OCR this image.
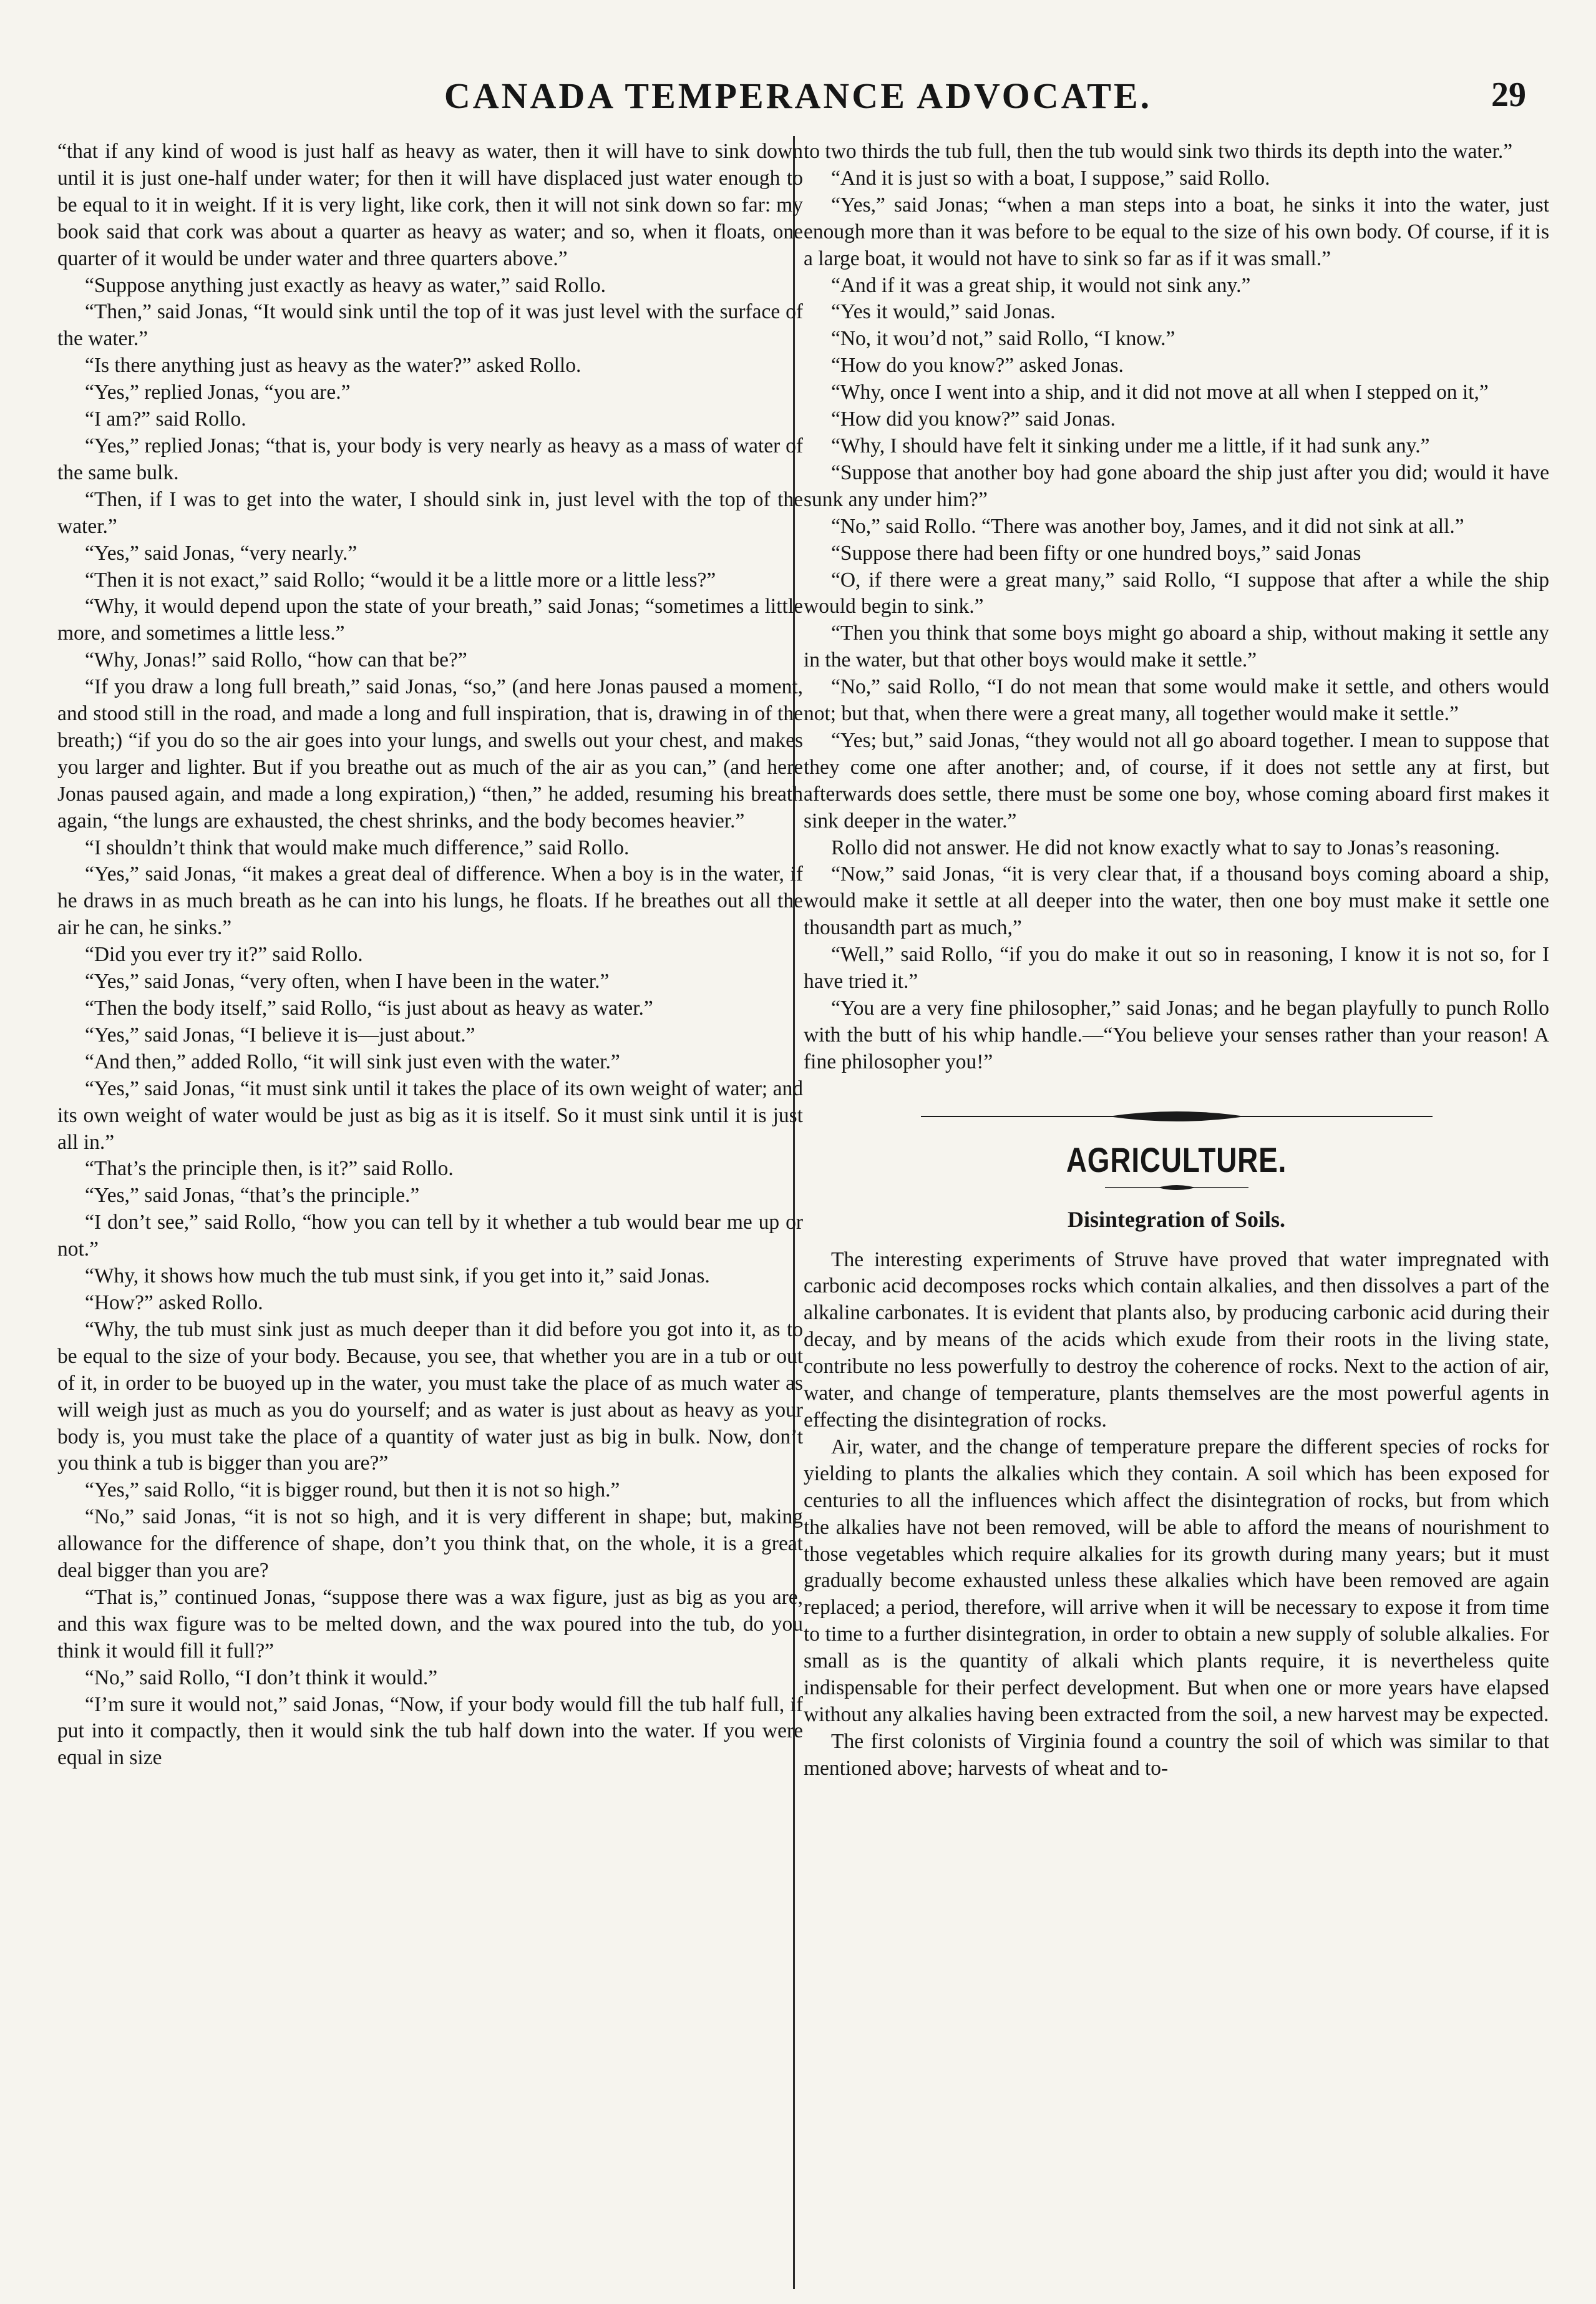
CANADA TEMPERANCE ADVOCATE.	29

“that if any kind of wood is just half as heavy as water, then it will have to sink down until it is just one-half under water; for then it will have displaced just water enough to be equal to it in weight. If it is very light, like cork, then it will not sink down so far: my book said that cork was about a quarter as heavy as water; and so, when it floats, one quarter of it would be under water and three quarters above.”

“Suppose anything just exactly as heavy as water,” said Rollo.

“Then,” said Jonas, “It would sink until the top of it was just level with the surface of the water.”

“Is there anything just as heavy as the water?” asked Rollo.

“Yes,” replied Jonas, “you are.”

“I am?” said Rollo.

“Yes,” replied Jonas; “that is, your body is very nearly as heavy as a mass of water of the same bulk.

“Then, if I was to get into the water, I should sink in, just level with the top of the water.”

“Yes,” said Jonas, “very nearly.”

“Then it is not exact,” said Rollo; “would it be a little more or a little less?”

“Why, it would depend upon the state of your breath,” said Jonas; “sometimes a little more, and sometimes a little less.”

“Why, Jonas!” said Rollo, “how can that be?”

“If you draw a long full breath,” said Jonas, “so,” (and here Jonas paused a moment, and stood still in the road, and made a long and full inspiration, that is, drawing in of the breath;) “if you do so the air goes into your lungs, and swells out your chest, and makes you larger and lighter. But if you breathe out as much of the air as you can,” (and here Jonas paused again, and made a long expiration,) “then,” he added, resuming his breath again, “the lungs are exhausted, the chest shrinks, and the body becomes heavier.”

“I shouldn’t think that would make much difference,” said Rollo.

“Yes,” said Jonas, “it makes a great deal of difference. When a boy is in the water, if he draws in as much breath as he can into his lungs, he floats. If he breathes out all the air he can, he sinks.”

“Did you ever try it?” said Rollo.

“Yes,” said Jonas, “very often, when I have been in the water.”

“Then the body itself,” said Rollo, “is just about as heavy as water.”

“Yes,” said Jonas, “I believe it is—just about.”

“And then,” added Rollo, “it will sink just even with the water.”

“Yes,” said Jonas, “it must sink until it takes the place of its own weight of water; and its own weight of water would be just as big as it is itself. So it must sink until it is just all in.”

“That’s the principle then, is it?” said Rollo.

“Yes,” said Jonas, “that’s the principle.”

“I don’t see,” said Rollo, “how you can tell by it whether a tub would bear me up or not.”

“Why, it shows how much the tub must sink, if you get into it,” said Jonas.

“How?” asked Rollo.

“Why, the tub must sink just as much deeper than it did before you got into it, as to be equal to the size of your body. Because, you see, that whether you are in a tub or out of it, in order to be buoyed up in the water, you must take the place of as much water as will weigh just as much as you do yourself; and as water is just about as heavy as your body is, you must take the place of a quantity of water just as big in bulk. Now, don’t you think a tub is bigger than you are?”

“Yes,” said Rollo, “it is bigger round, but then it is not so high.”

“No,” said Jonas, “it is not so high, and it is very different in shape; but, making allowance for the difference of shape, don’t you think that, on the whole, it is a great deal bigger than you are?

“That is,” continued Jonas, “suppose there was a wax figure, just as big as you are, and this wax figure was to be melted down, and the wax poured into the tub, do you think it would fill it full?”

“No,” said Rollo, “I don’t think it would.”

“I’m sure it would not,” said Jonas, “Now, if your body would fill the tub half full, if put into it compactly, then it would sink the tub half down into the water. If you were equal in size

to two thirds the tub full, then the tub would sink two thirds its depth into the water.”

“And it is just so with a boat, I suppose,” said Rollo.

“Yes,” said Jonas; “when a man steps into a boat, he sinks it into the water, just enough more than it was before to be equal to the size of his own body. Of course, if it is a large boat, it would not have to sink so far as if it was small.”

“And if it was a great ship, it would not sink any.”

“Yes it would,” said Jonas.

“No, it wou’d not,” said Rollo, “I know.”

“How do you know?” asked Jonas.

“Why, once I went into a ship, and it did not move at all when I stepped on it,”

“How did you know?” said Jonas.

“Why, I should have felt it sinking under me a little, if it had sunk any.”

“Suppose that another boy had gone aboard the ship just after you did; would it have sunk any under him?”

“No,” said Rollo. “There was another boy, James, and it did not sink at all.”

“Suppose there had been fifty or one hundred boys,” said Jonas

“O, if there were a great many,” said Rollo, “I suppose that after a while the ship would begin to sink.”

“Then you think that some boys might go aboard a ship, without making it settle any in the water, but that other boys would make it settle.”

“No,” said Rollo, “I do not mean that some would make it settle, and others would not; but that, when there were a great many, all together would make it settle.”

“Yes; but,” said Jonas, “they would not all go aboard together. I mean to suppose that they come one after another; and, of course, if it does not settle any at first, but afterwards does settle, there must be some one boy, whose coming aboard first makes it sink deeper in the water.”

Rollo did not answer. He did not know exactly what to say to Jonas’s reasoning.

“Now,” said Jonas, “it is very clear that, if a thousand boys coming aboard a ship, would make it settle at all deeper into the water, then one boy must make it settle one thousandth part as much,”

“Well,” said Rollo, “if you do make it out so in reasoning, I know it is not so, for I have tried it.”

“You are a very fine philosopher,” said Jonas; and he began playfully to punch Rollo with the butt of his whip handle.—“You believe your senses rather than your reason! A fine philosopher you!”

AGRICULTURE.
Disintegration of Soils.

The interesting experiments of Struve have proved that water impregnated with carbonic acid decomposes rocks which contain alkalies, and then dissolves a part of the alkaline carbonates. It is evident that plants also, by producing carbonic acid during their decay, and by means of the acids which exude from their roots in the living state, contribute no less powerfully to destroy the coherence of rocks. Next to the action of air, water, and change of temperature, plants themselves are the most powerful agents in effecting the disintegration of rocks.

Air, water, and the change of temperature prepare the different species of rocks for yielding to plants the alkalies which they contain. A soil which has been exposed for centuries to all the influences which affect the disintegration of rocks, but from which the alkalies have not been removed, will be able to afford the means of nourishment to those vegetables which require alkalies for its growth during many years; but it must gradually become exhausted unless these alkalies which have been removed are again replaced; a period, therefore, will arrive when it will be necessary to expose it from time to time to a further disintegration, in order to obtain a new supply of soluble alkalies. For small as is the quantity of alkali which plants require, it is nevertheless quite indispensable for their perfect development. But when one or more years have elapsed without any alkalies having been extracted from the soil, a new harvest may be expected.

The first colonists of Virginia found a country the soil of which was similar to that mentioned above; harvests of wheat and to-
